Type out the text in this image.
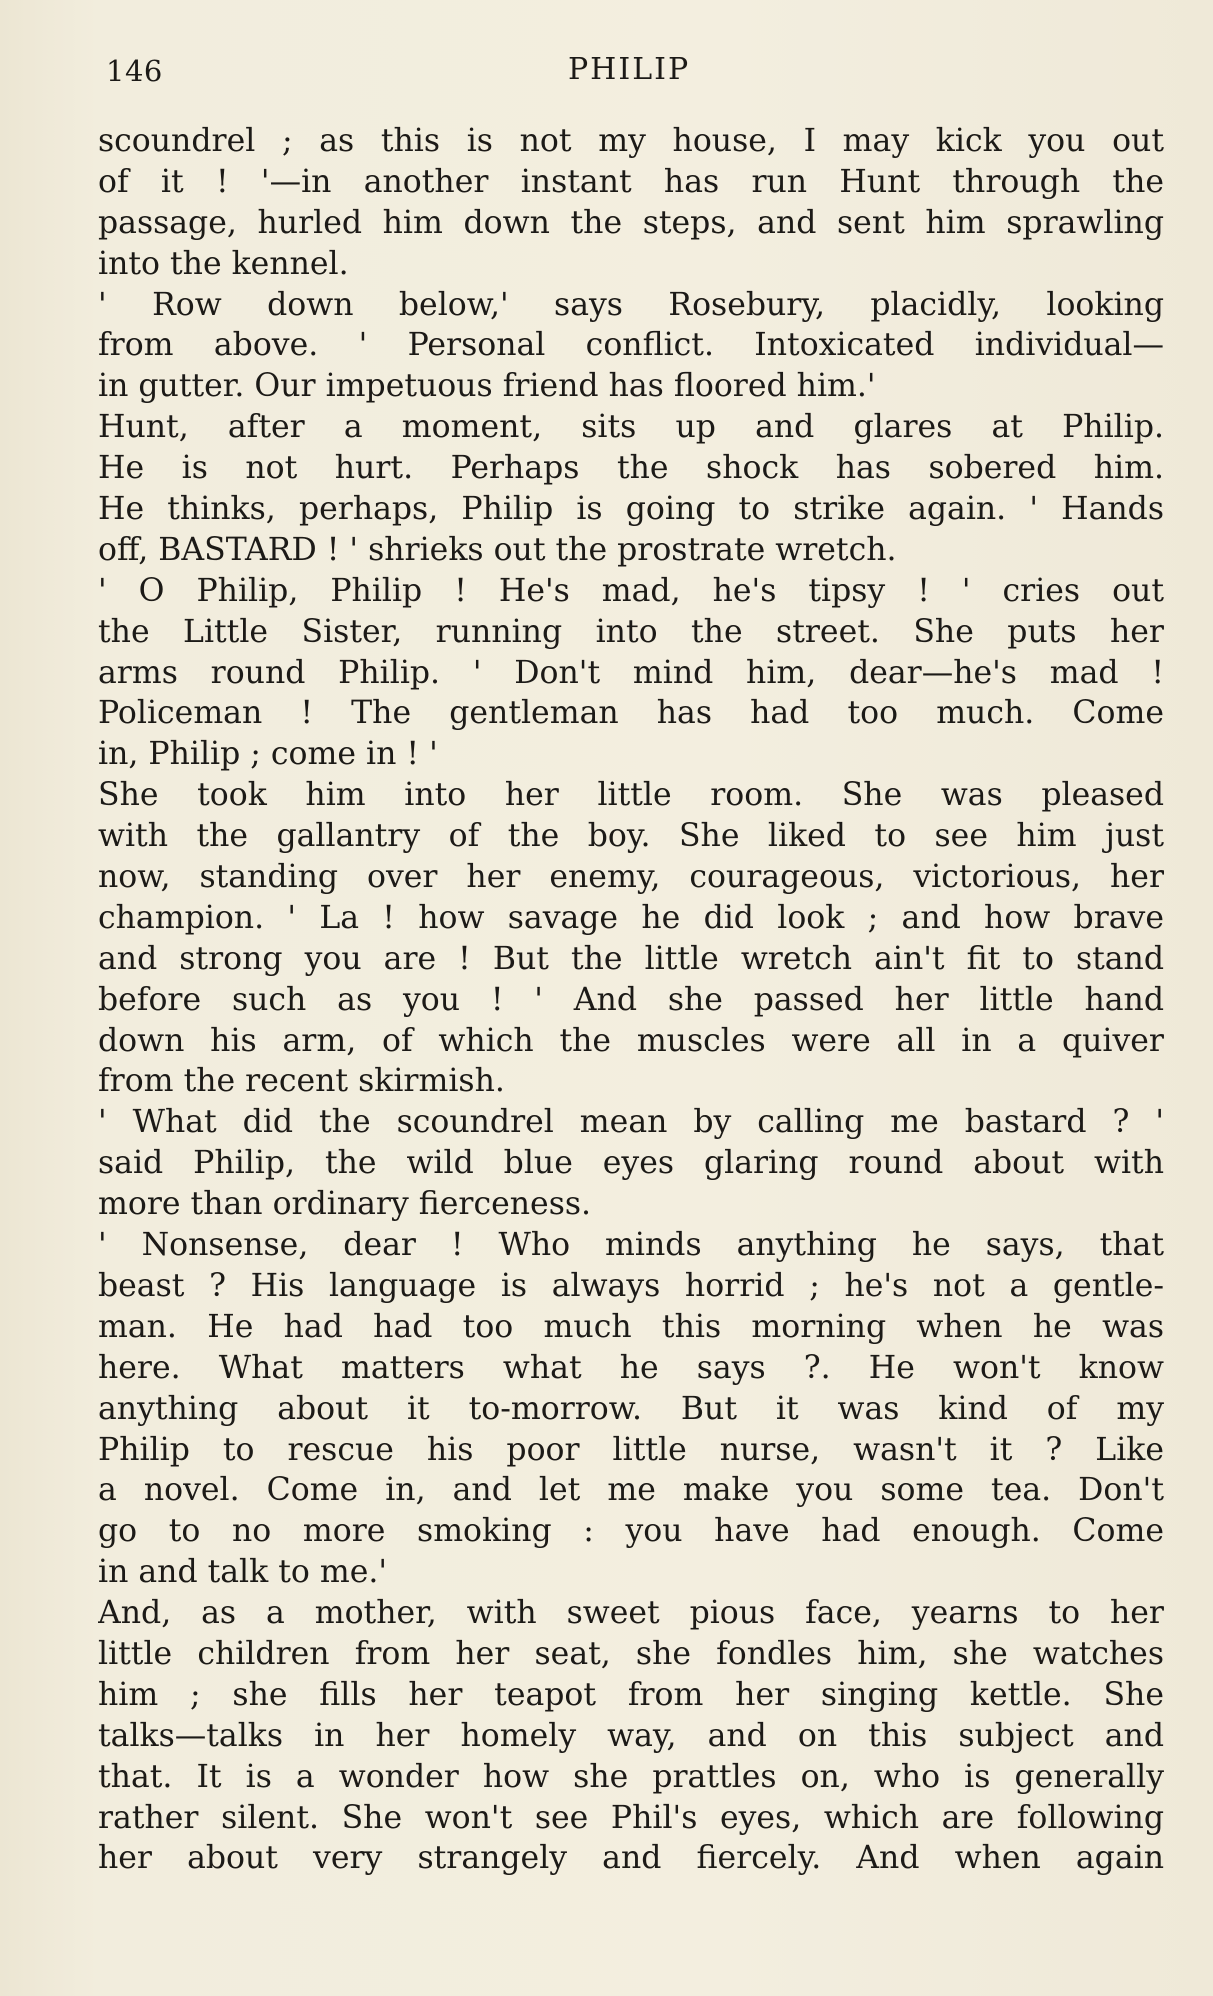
146	PHILIP
scoundrel ; as this is not my house, I may kick you out
of it ! '—in another instant has run Hunt through the
passage, hurled him down the steps, and sent him sprawling
into the kennel.
' Row down below,' says Rosebury, placidly, looking
from above. ' Personal conflict. Intoxicated individual—
in gutter. Our impetuous friend has floored him.'
Hunt, after a moment, sits up and glares at Philip.
He is not hurt. Perhaps the shock has sobered him.
He thinks, perhaps, Philip is going to strike again. ' Hands
off, BASTARD ! ' shrieks out the prostrate wretch.
' O Philip, Philip ! He's mad, he's tipsy ! ' cries out
the Little Sister, running into the street. She puts her
arms round Philip. ' Don't mind him, dear—he's mad !
Policeman ! The gentleman has had too much. Come
in, Philip ; come in ! '
She took him into her little room. She was pleased
with the gallantry of the boy. She liked to see him just
now, standing over her enemy, courageous, victorious, her
champion. ' La ! how savage he did look ; and how brave
and strong you are ! But the little wretch ain't fit to stand
before such as you ! ' And she passed her little hand
down his arm, of which the muscles were all in a quiver
from the recent skirmish.
' What did the scoundrel mean by calling me bastard ? '
said Philip, the wild blue eyes glaring round about with
more than ordinary fierceness.
' Nonsense, dear ! Who minds anything he says, that
beast ? His language is always horrid ; he's not a gentle-
man. He had had too much this morning when he was
here. What matters what he says ?. He won't know
anything about it to-morrow. But it was kind of my
Philip to rescue his poor little nurse, wasn't it ? Like
a novel. Come in, and let me make you some tea. Don't
go to no more smoking : you have had enough. Come
in and talk to me.'
And, as a mother, with sweet pious face, yearns to her
little children from her seat, she fondles him, she watches
him ; she fills her teapot from her singing kettle. She
talks—talks in her homely way, and on this subject and
that. It is a wonder how she prattles on, who is generally
rather silent. She won't see Phil's eyes, which are following
her about very strangely and fiercely. And when again
